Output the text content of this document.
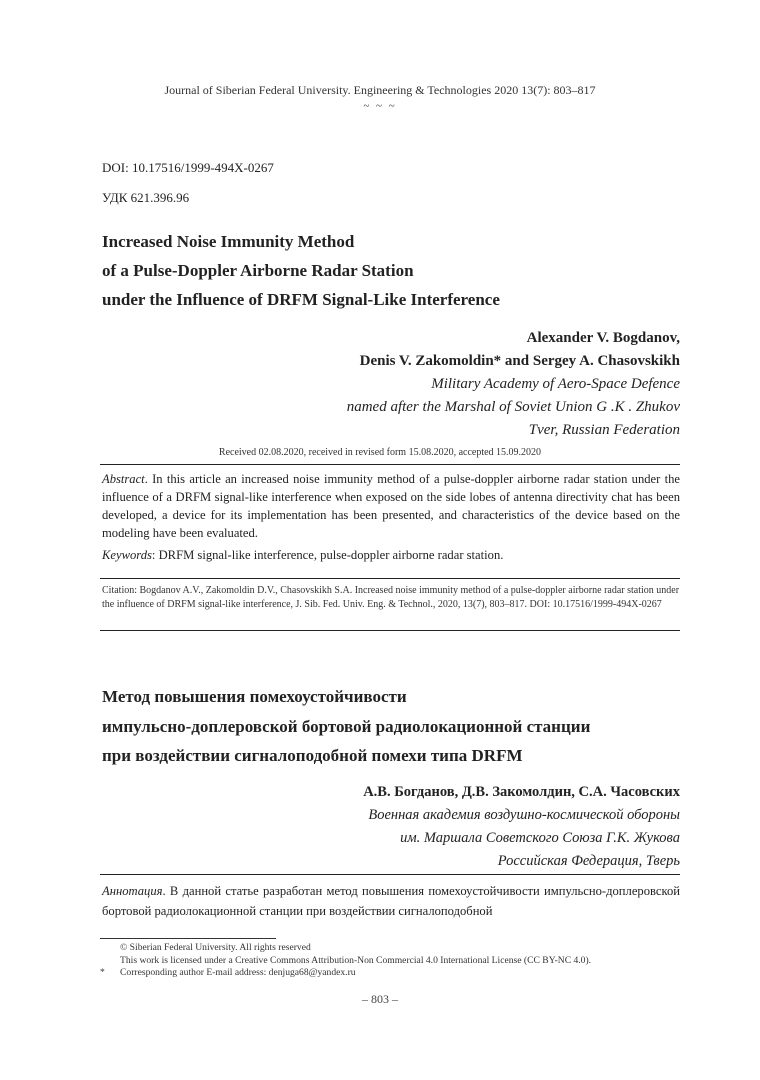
Journal of Siberian Federal University. Engineering & Technologies 2020 13(7): 803–817
~ ~ ~
DOI: 10.17516/1999-494X-0267
УДК 621.396.96
Increased Noise Immunity Method
of a Pulse-Doppler Airborne Radar Station
under the Influence of DRFM Signal-Like Interference
Alexander V. Bogdanov,
Denis V. Zakomoldin* and Sergey A. Chasovskikh
Military Academy of Aero-Space Defence
named after the Marshal of Soviet Union G .K . Zhukov
Tver, Russian Federation
Received 02.08.2020, received in revised form 15.08.2020, accepted 15.09.2020
Abstract. In this article an increased noise immunity method of a pulse-doppler airborne radar station under the influence of a DRFM signal-like interference when exposed on the side lobes of antenna directivity chat has been developed, a device for its implementation has been presented, and characteristics of the device based on the modeling have been evaluated.
Keywords: DRFM signal-like interference, pulse-doppler airborne radar station.
Citation: Bogdanov A.V., Zakomoldin D.V., Chasovskikh S.A. Increased noise immunity method of a pulse-doppler airborne radar station under the influence of DRFM signal-like interference, J. Sib. Fed. Univ. Eng. & Technol., 2020, 13(7), 803–817. DOI: 10.17516/1999-494X-0267
Метод повышения помехоустойчивости
импульсно-доплеровской бортовой радиолокационной станции
при воздействии сигналоподобной помехи типа DRFM
А.В. Богданов, Д.В. Закомолдин, С.А. Часовских
Военная академия воздушно-космической обороны
им. Маршала Советского Союза Г.К. Жукова
Российская Федерация, Тверь
Аннотация. В данной статье разработан метод повышения помехоустойчивости импульсно-доплеровской бортовой радиолокационной станции при воздействии сигналоподобной
© Siberian Federal University. All rights reserved
This work is licensed under a Creative Commons Attribution-Non Commercial 4.0 International License (CC BY-NC 4.0).
*	Corresponding author E-mail address: denjuga68@yandex.ru
– 803 –
